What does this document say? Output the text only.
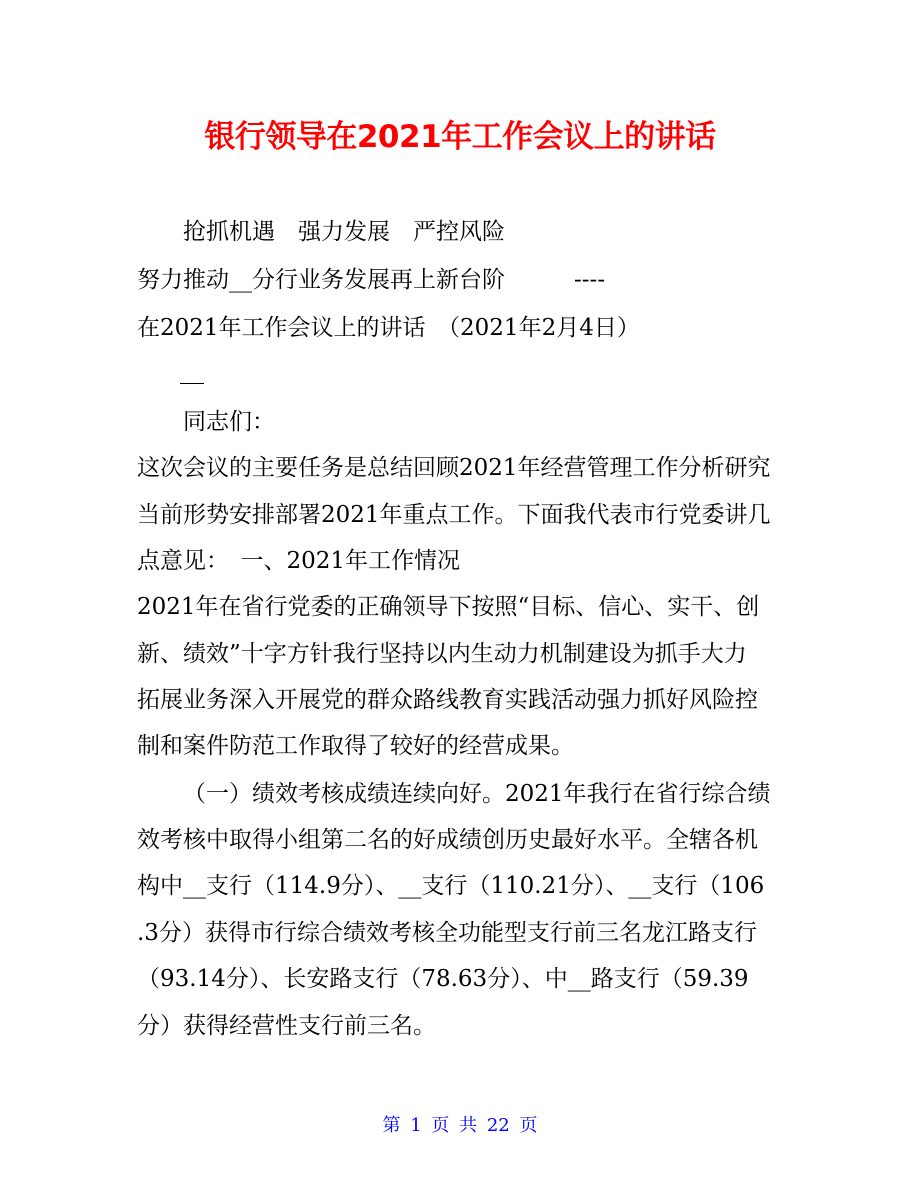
银行领导在2021年工作会议上的讲话
抢抓机遇　强力发展　严控风险
努力推动__分行业务发展再上新台阶　　　----
在2021年工作会议上的讲话　（2021年2月4日）
同志们：
这次会议的主要任务是总结回顾2021年经营管理工作分析研究
当前形势安排部署2021年重点工作。下面我代表市行党委讲几
点意见：　一、2021年工作情况
2021年在省行党委的正确领导下按照“目标、信心、实干、创
新、绩效”十字方针我行坚持以内生动力机制建设为抓手大力
拓展业务深入开展党的群众路线教育实践活动强力抓好风险控
制和案件防范工作取得了较好的经营成果。
（一）绩效考核成绩连续向好。2021年我行在省行综合绩
效考核中取得小组第二名的好成绩创历史最好水平。全辖各机
构中__支行（114.9分）、__支行（110.21分）、__支行（106
.3分）获得市行综合绩效考核全功能型支行前三名龙江路支行
（93.14分）、长安路支行（78.63分）、中__路支行（59.39
分）获得经营性支行前三名。
第 1 页 共 22 页
